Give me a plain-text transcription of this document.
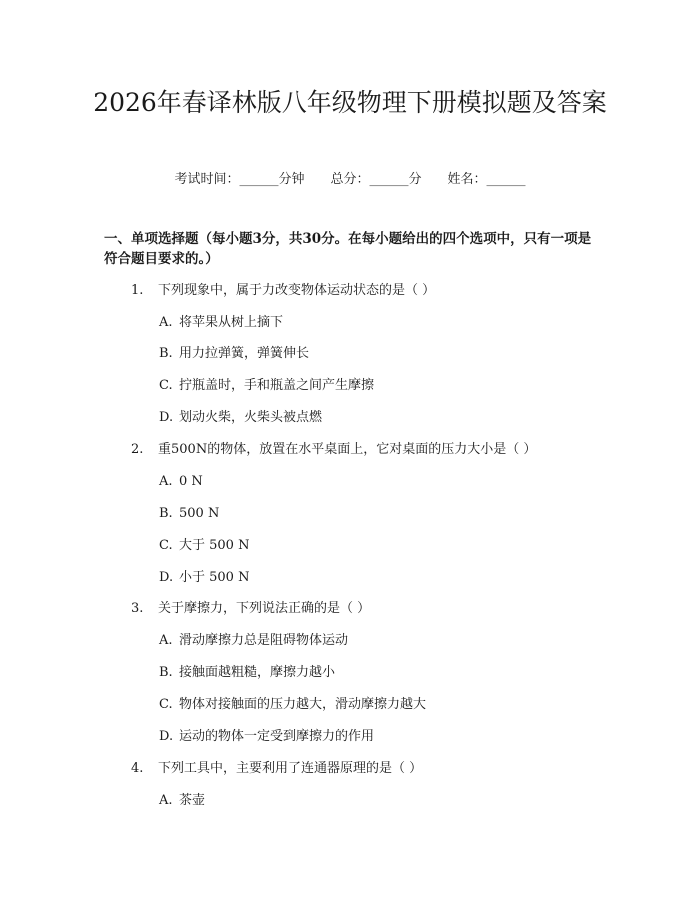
2026年春译林版八年级物理下册模拟题及答案
考试时间：______分钟 总分：______分 姓名：______

一、单项选择题（每小题3分，共30分。在每小题给出的四个选项中，只有一项是符合题目要求的。）

1. 下列现象中，属于力改变物体运动状态的是（ ）
A. 将苹果从树上摘下
B. 用力拉弹簧，弹簧伸长
C. 拧瓶盖时，手和瓶盖之间产生摩擦
D. 划动火柴，火柴头被点燃
2. 重500N的物体，放置在水平桌面上，它对桌面的压力大小是（ ）
A. 0 N
B. 500 N
C. 大于 500 N
D. 小于 500 N
3. 关于摩擦力，下列说法正确的是（ ）
A. 滑动摩擦力总是阻碍物体运动
B. 接触面越粗糙，摩擦力越小
C. 物体对接触面的压力越大，滑动摩擦力越大
D. 运动的物体一定受到摩擦力的作用
4. 下列工具中，主要利用了连通器原理的是（ ）
A. 茶壶
